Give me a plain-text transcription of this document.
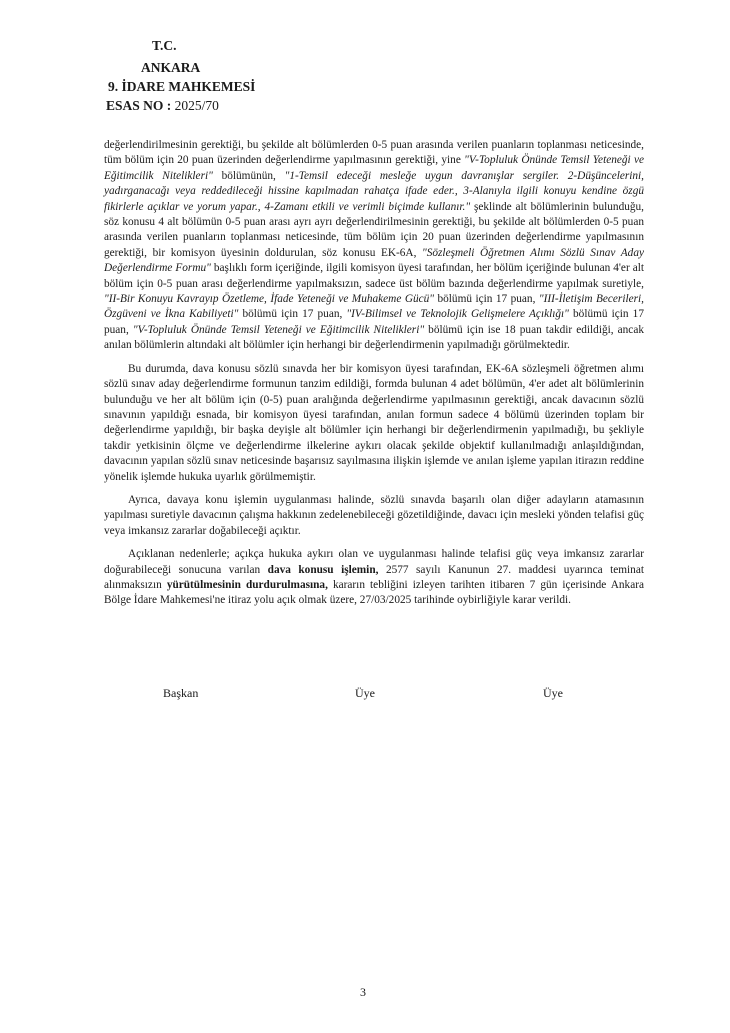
T.C.
ANKARA
9. İDARE MAHKEMESİ
ESAS NO : 2025/70

değerlendirilmesinin gerektiği, bu şekilde alt bölümlerden 0-5 puan arasında verilen puanların toplanması neticesinde, tüm bölüm için 20 puan üzerinden değerlendirme yapılmasının gerektiği, yine "V-Topluluk Önünde Temsil Yeteneği ve Eğitimcilik Nitelikleri" bölümünün, "1-Temsil edeceği mesleğe uygun davranışlar sergiler. 2-Düşüncelerini, yadırganacağı veya reddedileceği hissine kapılmadan rahatça ifade eder., 3-Alanıyla ilgili konuyu kendine özgü fikirlerle açıklar ve yorum yapar., 4-Zamanı etkili ve verimli biçimde kullanır." şeklinde alt bölümlerinin bulunduğu, söz konusu 4 alt bölümün 0-5 puan arası ayrı ayrı değerlendirilmesinin gerektiği, bu şekilde alt bölümlerden 0-5 puan arasında verilen puanların toplanması neticesinde, tüm bölüm için 20 puan üzerinden değerlendirme yapılmasının gerektiği, bir komisyon üyesinin doldurulan, söz konusu EK-6A, "Sözleşmeli Öğretmen Alımı Sözlü Sınav Aday Değerlendirme Formu" başlıklı form içeriğinde, ilgili komisyon üyesi tarafından, her bölüm içeriğinde bulunan 4'er alt bölüm için 0-5 puan arası değerlendirme yapılmaksızın, sadece üst bölüm bazında değerlendirme yapılmak suretiyle, "II-Bir Konuyu Kavrayıp Özetleme, İfade Yeteneği ve Muhakeme Gücü" bölümü için 17 puan, "III-İletişim Becerileri, Özgüveni ve İkna Kabiliyeti" bölümü için 17 puan, "IV-Bilimsel ve Teknolojik Gelişmelere Açıklığı" bölümü için 17 puan, "V-Topluluk Önünde Temsil Yeteneği ve Eğitimcilik Nitelikleri" bölümü için ise 18 puan takdir edildiği, ancak anılan bölümlerin altındaki alt bölümler için herhangi bir değerlendirmenin yapılmadığı görülmektedir.

Bu durumda, dava konusu sözlü sınavda her bir komisyon üyesi tarafından, EK-6A sözleşmeli öğretmen alımı sözlü sınav aday değerlendirme formunun tanzim edildiği, formda bulunan 4 adet bölümün, 4'er adet alt bölümlerinin bulunduğu ve her alt bölüm için (0-5) puan aralığında değerlendirme yapılmasının gerektiği, ancak davacının sözlü sınavının yapıldığı esnada, bir komisyon üyesi tarafından, anılan formun sadece 4 bölümü üzerinden toplam bir değerlendirme yapıldığı, bir başka deyişle alt bölümler için herhangi bir değerlendirmenin yapılmadığı, bu şekliyle takdir yetkisinin ölçme ve değerlendirme ilkelerine aykırı olacak şekilde objektif kullanılmadığı anlaşıldığından, davacının yapılan sözlü sınav neticesinde başarısız sayılmasına ilişkin işlemde ve anılan işleme yapılan itirazın reddine yönelik işlemde hukuka uyarlık görülmemiştir.

Ayrıca, davaya konu işlemin uygulanması halinde, sözlü sınavda başarılı olan diğer adayların atamasının yapılması suretiyle davacının çalışma hakkının zedelenebileceği gözetildiğinde, davacı için mesleki yönden telafisi güç veya imkansız zararlar doğabileceği açıktır.

Açıklanan nedenlerle; açıkça hukuka aykırı olan ve uygulanması halinde telafisi güç veya imkansız zararlar doğurabileceği sonucuna varılan dava konusu işlemin, 2577 sayılı Kanunun 27. maddesi uyarınca teminat alınmaksızın yürütülmesinin durdurulmasına, kararın tebliğini izleyen tarihten itibaren 7 gün içerisinde Ankara Bölge İdare Mahkemesi'ne itiraz yolu açık olmak üzere, 27/03/2025 tarihinde oybirliğiyle karar verildi.

Başkan	Üye	Üye
3
